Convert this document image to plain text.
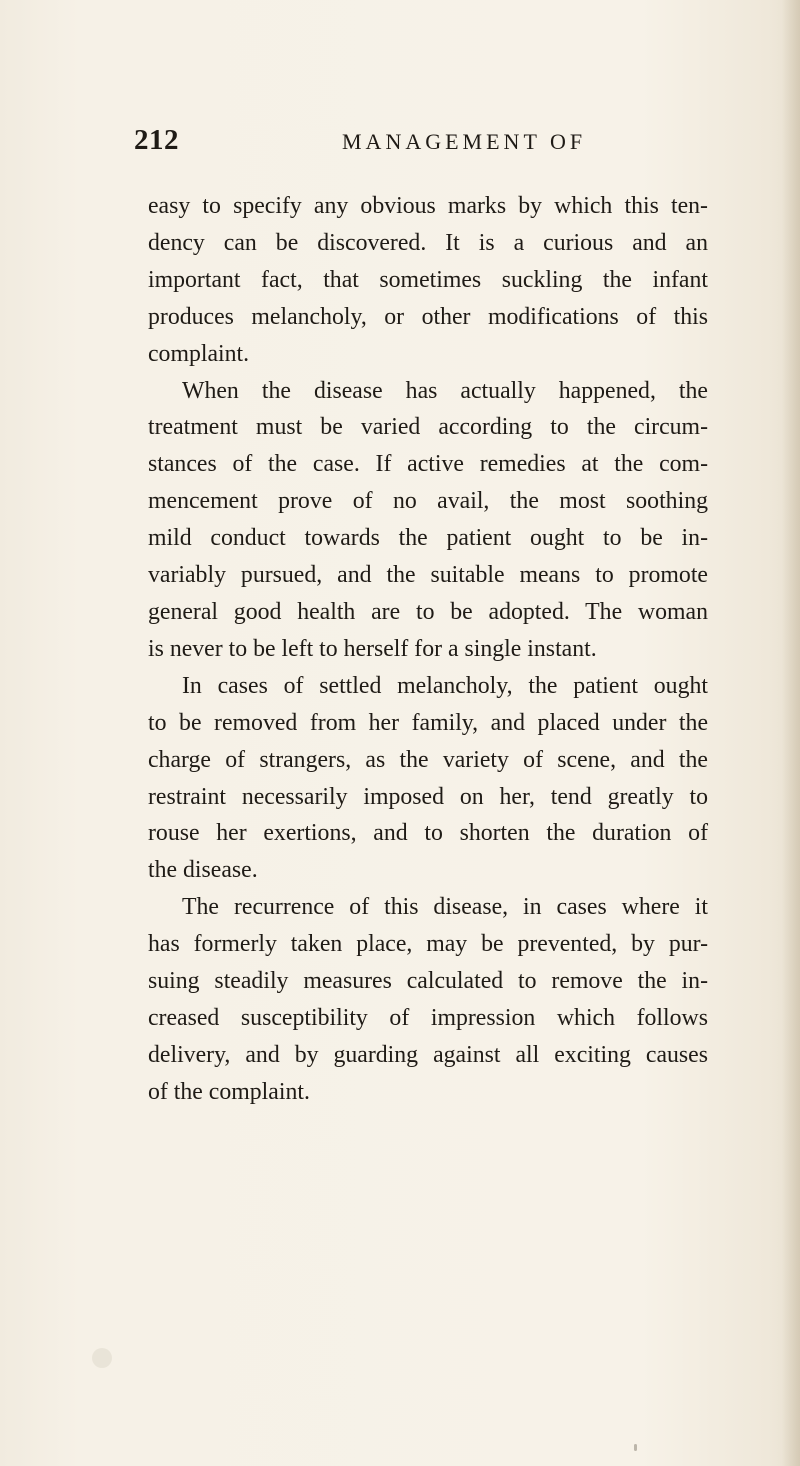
212	MANAGEMENT OF

easy to specify any obvious marks by which this ten-
dency can be discovered. It is a curious and an
important fact, that sometimes suckling the infant
produces melancholy, or other modifications of this
complaint.

When the disease has actually happened, the
treatment must be varied according to the circum-
stances of the case. If active remedies at the com-
mencement prove of no avail, the most soothing
mild conduct towards the patient ought to be in-
variably pursued, and the suitable means to promote
general good health are to be adopted. The woman
is never to be left to herself for a single instant.

In cases of settled melancholy, the patient ought
to be removed from her family, and placed under the
charge of strangers, as the variety of scene, and the
restraint necessarily imposed on her, tend greatly to
rouse her exertions, and to shorten the duration of
the disease.

The recurrence of this disease, in cases where it
has formerly taken place, may be prevented, by pur-
suing steadily measures calculated to remove the in-
creased susceptibility of impression which follows
delivery, and by guarding against all exciting causes
of the complaint.
